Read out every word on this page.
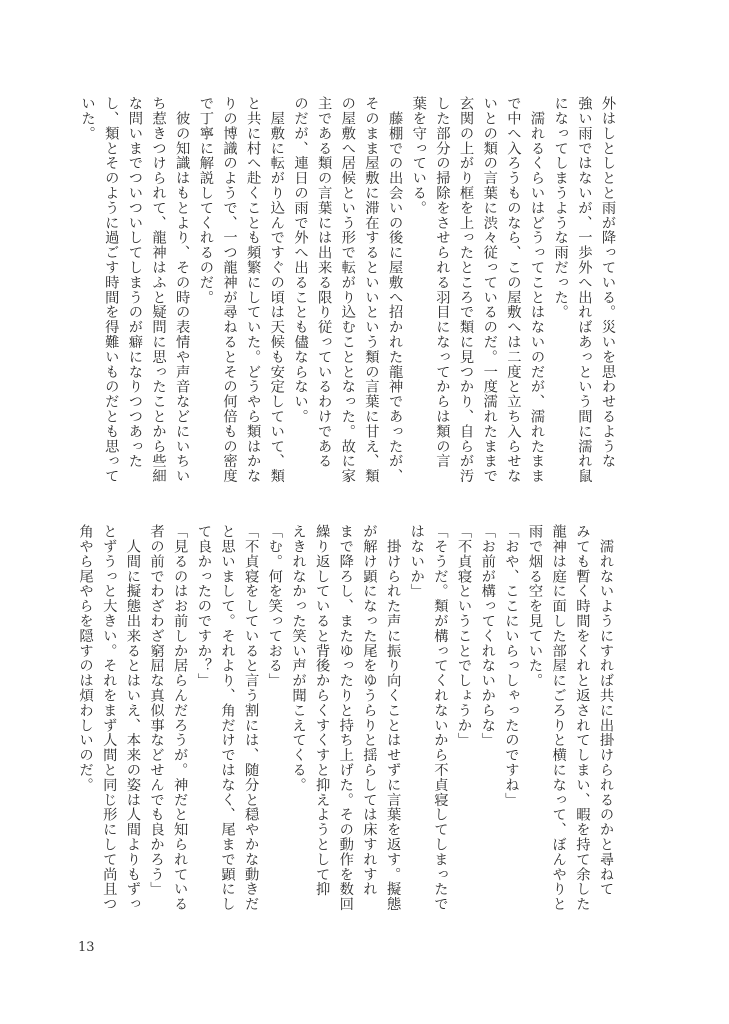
外はしとしとと雨が降っている。災いを思わせるような
強い雨ではないが、一歩外へ出ればあっという間に濡れ鼠
になってしまうような雨だった。
　濡れるくらいはどうってことはないのだが、濡れたまま
で中へ入ろうものなら、この屋敷へは二度と立ち入らせな
いとの類の言葉に渋々従っているのだ。一度濡れたままで
玄関の上がり框を上ったところで類に見つかり、自らが汚
した部分の掃除をさせられる羽目になってからは類の言
葉を守っている。
　藤棚での出会いの後に屋敷へ招かれた龍神であったが、
そのまま屋敷に滞在するといいという類の言葉に甘え、類
の屋敷へ居候という形で転がり込むこととなった。故に家
主である類の言葉には出来る限り従っているわけである
のだが、連日の雨で外へ出ることも儘ならない。
　屋敷に転がり込んですぐの頃は天候も安定していて、類
と共に村へ赴くことも頻繁にしていた。どうやら類はかな
りの博識のようで、一つ龍神が尋ねるとその何倍もの密度
で丁寧に解説してくれるのだ。
　彼の知識はもとより、その時の表情や声音などにいちい
ち惹きつけられて、龍神はふと疑問に思ったことから些細
な問いまでついついしてしまうのが癖になりつつあった
し、類とそのように過ごす時間を得難いものだとも思って
いた。
　濡れないようにすれば共に出掛けられるのかと尋ねて
みても暫く時間をくれと返されてしまい、暇を持て余した
龍神は庭に面した部屋にごろりと横になって、ぼんやりと
雨で烟る空を見ていた。
「おや、ここにいらっしゃったのですね」
「お前が構ってくれないからな」
「不貞寝ということでしょうか」
「そうだ。類が構ってくれないから不貞寝してしまったで
はないか」
　掛けられた声に振り向くことはせずに言葉を返す。擬態
が解け顕になった尾をゆうらりと揺らしては床すれすれ
まで降ろし、またゆったりと持ち上げた。その動作を数回
繰り返していると背後からくすくすと抑えようとして抑
えきれなかった笑い声が聞こえてくる。
「む。何を笑っておる」
「不貞寝をしていると言う割には、随分と穏やかな動きだ
と思いまして。それより、角だけではなく、尾まで顕にし
て良かったのですか？」
「見るのはお前しか居らんだろうが。神だと知られている
者の前でわざわざ窮屈な真似事などせんでも良かろう」
　人間に擬態出来るとはいえ、本来の姿は人間よりもずっ
とずうっと大きい。それをまず人間と同じ形にして尚且つ
角やら尾やらを隠すのは煩わしいのだ。
13
